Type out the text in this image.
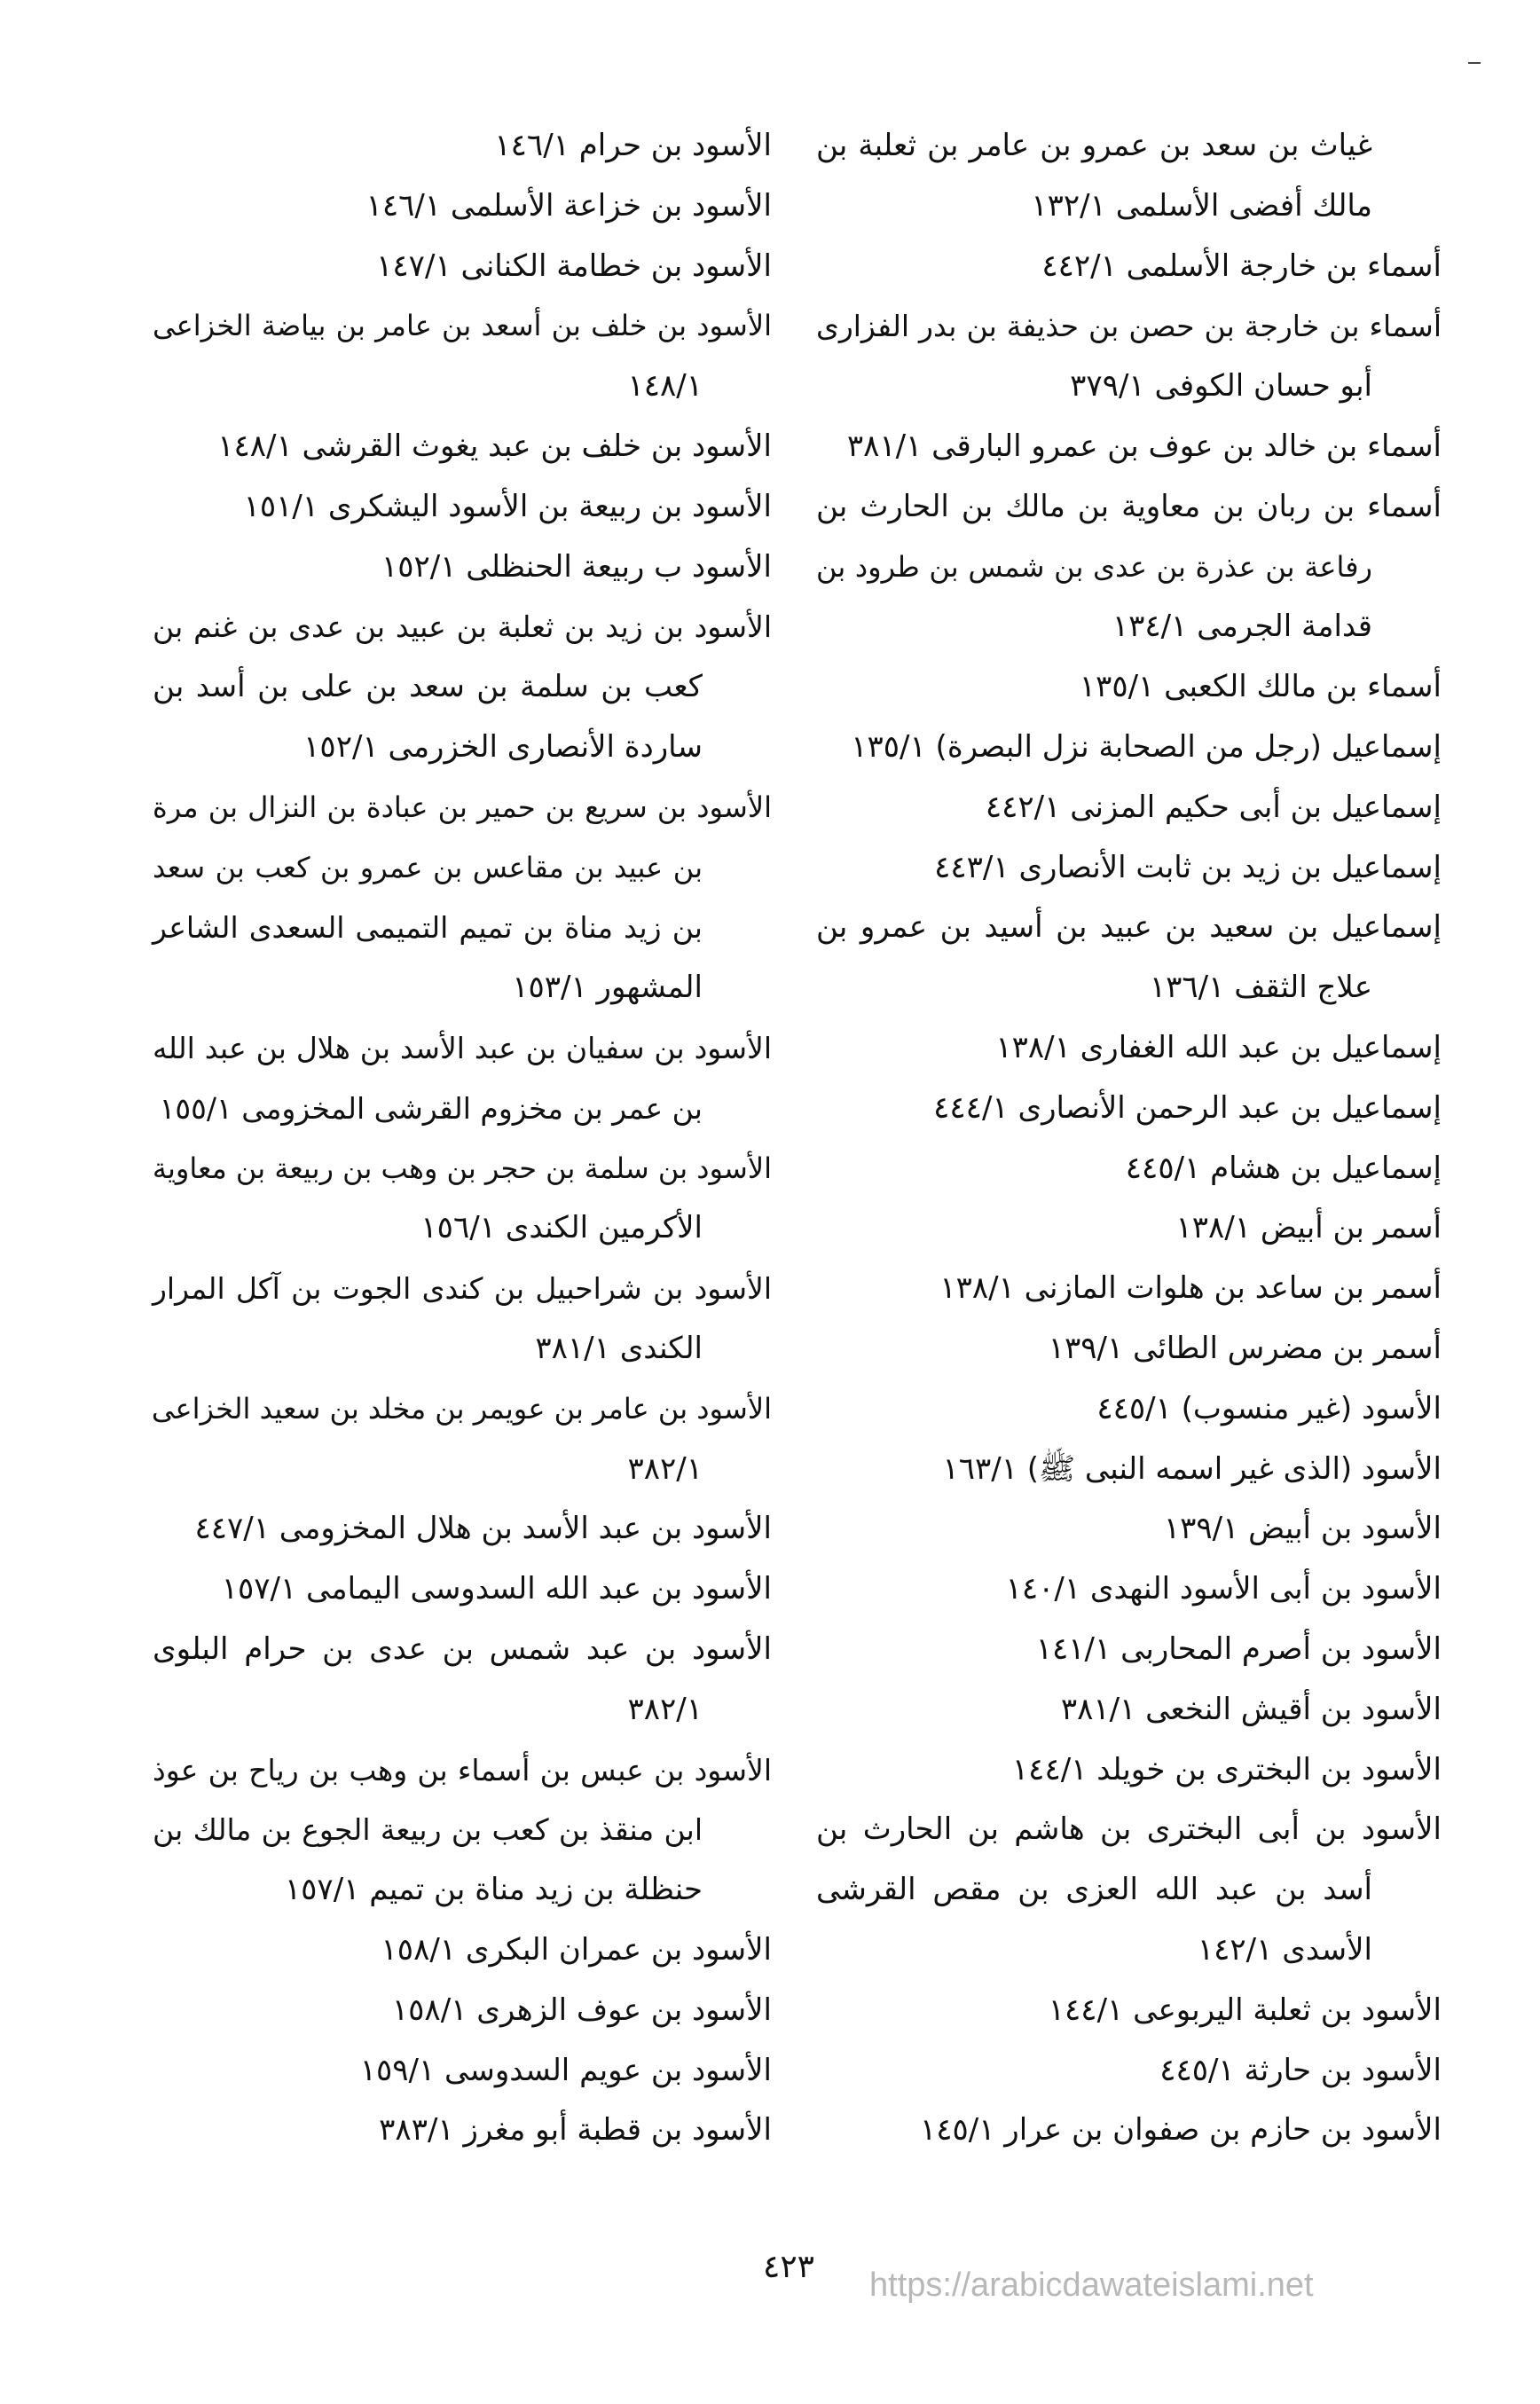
غياث بن سعد بن عمرو بن عامر بن ثعلبة بن
مالك أفضى الأسلمى ١٣٢/١
أسماء بن خارجة الأسلمى ٤٤٢/١
أسماء بن خارجة بن حصن بن حذيفة بن بدر الفزارى
أبو حسان الكوفى ٣٧٩/١
أسماء بن خالد بن عوف بن عمرو البارقى ٣٨١/١
أسماء بن ربان بن معاوية بن مالك بن الحارث بن
رفاعة بن عذرة بن عدى بن شمس بن طرود بن
قدامة الجرمى ١٣٤/١
أسماء بن مالك الكعبى ١٣٥/١
إسماعيل (رجل من الصحابة نزل البصرة) ١٣٥/١
إسماعيل بن أبى حكيم المزنى ٤٤٢/١
إسماعيل بن زيد بن ثابت الأنصارى ٤٤٣/١
إسماعيل بن سعيد بن عبيد بن أسيد بن عمرو بن
علاج الثقف ١٣٦/١
إسماعيل بن عبد الله الغفارى ١٣٨/١
إسماعيل بن عبد الرحمن الأنصارى ٤٤٤/١
إسماعيل بن هشام ٤٤٥/١
أسمر بن أبيض ١٣٨/١
أسمر بن ساعد بن هلوات المازنى ١٣٨/١
أسمر بن مضرس الطائى ١٣٩/١
الأسود (غير منسوب) ٤٤٥/١
الأسود (الذى غير اسمه النبى ﷺ) ١٦٣/١
الأسود بن أبيض ١٣٩/١
الأسود بن أبى الأسود النهدى ١٤٠/١
الأسود بن أصرم المحاربى ١٤١/١
الأسود بن أقيش النخعى ٣٨١/١
الأسود بن البخترى بن خويلد ١٤٤/١
الأسود بن أبى البخترى بن هاشم بن الحارث بن
أسد بن عبد الله العزى بن مقص القرشى
الأسدى ١٤٢/١
الأسود بن ثعلبة اليربوعى ١٤٤/١
الأسود بن حارثة ٤٤٥/١
الأسود بن حازم بن صفوان بن عرار ١٤٥/١
الأسود بن حرام ١٤٦/١
الأسود بن خزاعة الأسلمى ١٤٦/١
الأسود بن خطامة الكنانى ١٤٧/١
الأسود بن خلف بن أسعد بن عامر بن بياضة الخزاعى
١٤٨/١
الأسود بن خلف بن عبد يغوث القرشى ١٤٨/١
الأسود بن ربيعة بن الأسود اليشكرى ١٥١/١
الأسود ب ربيعة الحنظلى ١٥٢/١
الأسود بن زيد بن ثعلبة بن عبيد بن عدى بن غنم بن
كعب بن سلمة بن سعد بن على بن أسد بن
ساردة الأنصارى الخزرمى ١٥٢/١
الأسود بن سريع بن حمير بن عبادة بن النزال بن مرة
بن عبيد بن مقاعس بن عمرو بن كعب بن سعد
بن زيد مناة بن تميم التميمى السعدى الشاعر
المشهور ١٥٣/١
الأسود بن سفيان بن عبد الأسد بن هلال بن عبد الله
بن عمر بن مخزوم القرشى المخزومى ١٥٥/١
الأسود بن سلمة بن حجر بن وهب بن ربيعة بن معاوية
الأكرمين الكندى ١٥٦/١
الأسود بن شراحبيل بن كندى الجوت بن آكل المرار
الكندى ٣٨١/١
الأسود بن عامر بن عويمر بن مخلد بن سعيد الخزاعى
٣٨٢/١
الأسود بن عبد الأسد بن هلال المخزومى ٤٤٧/١
الأسود بن عبد الله السدوسى اليمامى ١٥٧/١
الأسود بن عبد شمس بن عدى بن حرام البلوى
٣٨٢/١
الأسود بن عبس بن أسماء بن وهب بن رياح بن عوذ
ابن منقذ بن كعب بن ربيعة الجوع بن مالك بن
حنظلة بن زيد مناة بن تميم ١٥٧/١
الأسود بن عمران البكرى ١٥٨/١
الأسود بن عوف الزهرى ١٥٨/١
الأسود بن عويم السدوسى ١٥٩/١
الأسود بن قطبة أبو مغرز ٣٨٣/١
٤٢٣ https://arabicdawateislami.net
